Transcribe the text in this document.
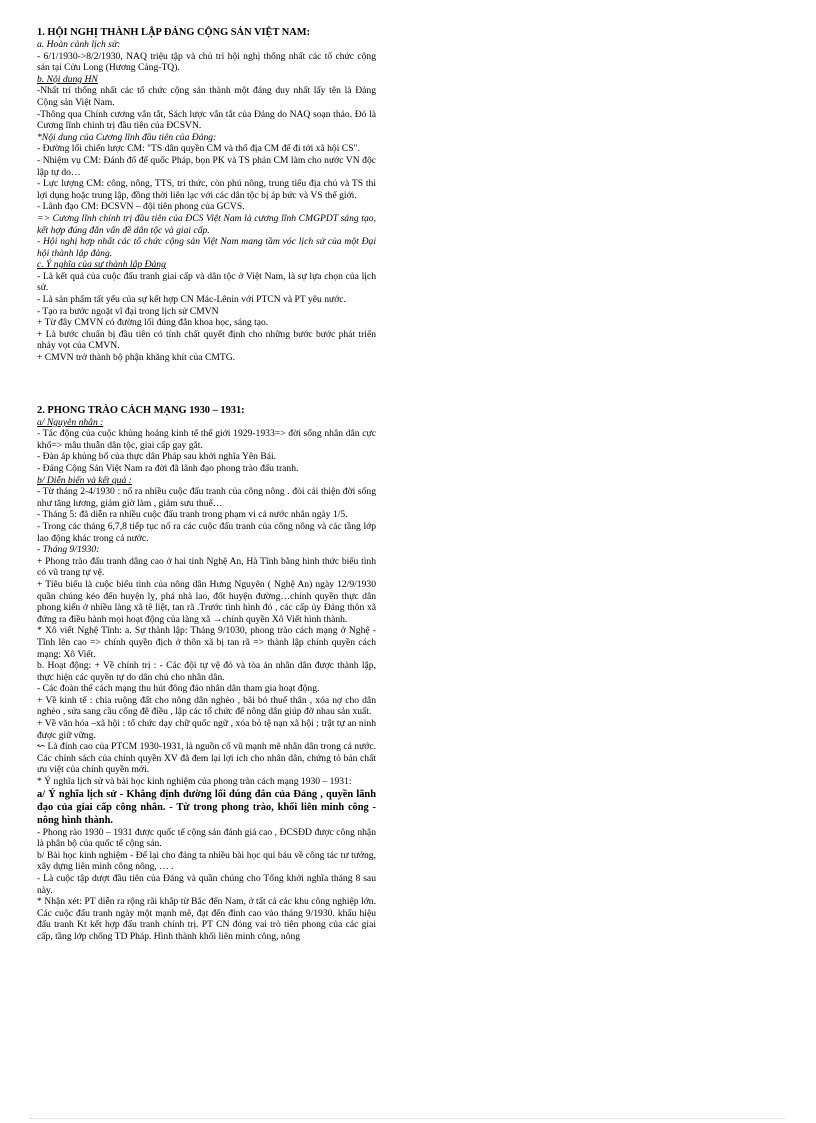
1. HỘI NGHỊ THÀNH LẬP ĐẢNG CỘNG SẢN VIỆT NAM:

a. Hoàn cảnh lịch sử:

- 6/1/1930->8/2/1930, NAQ triệu tập và chủ trì hội nghị thống nhất các tổ chức cộng sản tại Cửu Long (Hương Cảng-TQ).

b. Nội dung HN

-Nhất trí thống nhất các tổ chức cộng sản thành một đảng duy nhất lấy tên là Đảng Cộng sản Việt Nam.

-Thông qua Chính cương vắn tắt, Sách lược vắn tắt của Đảng do NAQ soạn thảo. Đó là Cương lĩnh chính trị đầu tiên của ĐCSVN.

*Nội dung của Cương lĩnh đầu tiên của Đảng:

- Đường lối chiến lược CM: "TS dân quyền CM và thổ địa CM để đi tới xã hội CS".

- Nhiệm vụ CM: Đánh đổ đế quốc Pháp, bọn PK và TS phản CM làm cho nước VN độc lập tự do…

- Lực lượng CM: công, nông, TTS, trí thức, còn phú nông, trung tiểu địa chủ và TS thì lợi dụng hoặc trung lập, đồng thời liên lạc với các dân tộc bị áp bức và VS thế giới.

- Lãnh đạo CM: ĐCSVN – đội tiên phong của GCVS.

=> Cương lĩnh chính trị đầu tiên của ĐCS Việt Nam là cương lĩnh CMGPDT sáng tạo, kết hợp đúng đắn vấn đề dân tộc và giai cấp.

- Hội nghị hợp nhất các tổ chức cộng sản Việt Nam mang tầm vóc lịch sử của một Đại hội thành lập đảng.

c. Ý nghĩa của sự thành lập Đảng

- Là kết quả của cuộc đấu tranh giai cấp và dân tộc ở Việt Nam, là sự lựa chọn của lịch sử.

- Là sản phẩm tất yếu của sự kết hợp CN Mác-Lênin với PTCN và PT yêu nước.

- Tạo ra bước ngoặt vĩ đại trong lịch sử CMVN

+ Từ đây CMVN có đường lối đúng đắn khoa học, sáng tạo.

+ Là bước chuẩn bị đầu tiên có tính chất quyết định cho những bước bước phát triển nhảy vọt của CMVN.

+ CMVN trở thành bộ phận khăng khít của CMTG.

2. PHONG TRÀO CÁCH MẠNG 1930 – 1931:

a/ Nguyên nhân :

- Tác động của cuộc khủng hoảng kinh tế thế giới 1929-1933=> đời sống nhân dân cực khổ=> mâu thuẫn dân tộc, giai cấp gay gắt.

- Đàn áp khủng bố của thực dân Pháp sau khởi nghĩa Yên Bái.

- Đảng Cộng Sản Việt Nam ra đời đã lãnh đạo phong trào đấu tranh.

b/ Diễn biến và kết quả :

- Từ tháng 2-4/1930 : nổ ra nhiều cuộc đấu tranh của công nông . đòi cải thiện đời sống như tăng lương, giảm giờ làm , giảm sưu thuế…

- Tháng 5: đã diễn ra nhiều cuộc đấu tranh trong phạm vi cả nước nhân ngày 1/5.

- Trong các tháng 6,7,8 tiếp tục nổ ra các cuộc đấu tranh của công nông và các tầng lớp lao động khác trong cả nước.

- Tháng 9/1930:

+ Phong trào đấu tranh dâng cao ở hai tỉnh Nghệ An, Hà Tĩnh bằng hình thức biểu tình có vũ trang tự vệ.

+ Tiêu biểu là cuộc biểu tình của nông dân Hưng Nguyên ( Nghệ An) ngày 12/9/1930 quần chúng kéo đến huyện lỵ, phá nhà lao, đốt huyện đường…chính quyền thực dân phong kiến ở nhiều làng xã tê liệt, tan rã .Trước tình hình đó , các cấp ủy Đảng thôn xã đứng ra điều hành mọi hoạt động của làng xã →chính quyền Xô Viết hình thành.

* Xô viết Nghệ Tĩnh: a. Sự thành lập: Tháng 9/1030, phong trào cách mạng ở Nghệ - Tĩnh lên cao => chính quyền địch ở thôn xã bị tan rã => thành lập chính quyền cách mạng: Xô Viết.

b. Hoạt động: + Về chính trị : - Các đội tự vệ đỏ và tòa án nhân dân được thành lập, thực hiện các quyền tự do dân chủ cho nhân dân.

- Các đoàn thể cách mạng thu hút đông đảo nhân dân tham gia hoạt động.

+ Về kinh tế : chia ruộng đất cho nông dân nghèo , bãi bỏ thuế thân , xóa nợ cho dân nghèo , sửa sang cầu cống đê điều , lập các tổ chức để nông dân giúp đỡ nhau sản xuất.

+ Về văn hóa –xã hội : tổ chức dạy chữ quốc ngữ , xóa bỏ tệ nạn xã hội ; trật tự an ninh được giữ vững.

↜ Là đỉnh cao của PTCM 1930-1931, là nguồn cổ vũ mạnh mẽ nhân dân trong cả nước. Các chính sách của chính quyền XV đã đem lại lợi ích cho nhân dân, chứng tỏ bản chất ưu việt của chính quyền mới.

* Ý nghĩa lịch sử và bài học kinh nghiệm của phong tràn cách mạng 1930 – 1931:

a/ Ý nghĩa lịch sử - Khẳng định đường lối đúng đắn của Đảng , quyền lãnh đạo của giai cấp công nhân. - Từ trong phong trào, khối liên minh công - nông hình thành.

- Phong rào 1930 – 1931 được quốc tế cộng sản đánh giá cao , ĐCSĐD được công nhận là phân bộ của quốc tế cộng sản.

b/ Bài học kinh nghiệm - Để lại cho đảng ta nhiều bài học quí báu về công tác tư tưởng, xây dựng liên minh công nông, … .

- Là cuộc tập dượt đầu tiên của Đảng và quần chúng cho Tổng khởi nghĩa tháng 8 sau này.

* Nhận xét: PT diễn ra rộng rãi khắp từ Bắc đến Nam, ở tất cả các khu công nghiệp lớn. Các cuộc đấu tranh ngày một mạnh mẽ, đạt đến đỉnh cao vào tháng 9/1930. khẩu hiệu đấu tranh Kt kết hợp đấu tranh chính trị. PT CN đóng vai trò tiên phong của các giai cấp, tầng lớp chống TD Pháp. Hình thành khối liên minh công, nông
